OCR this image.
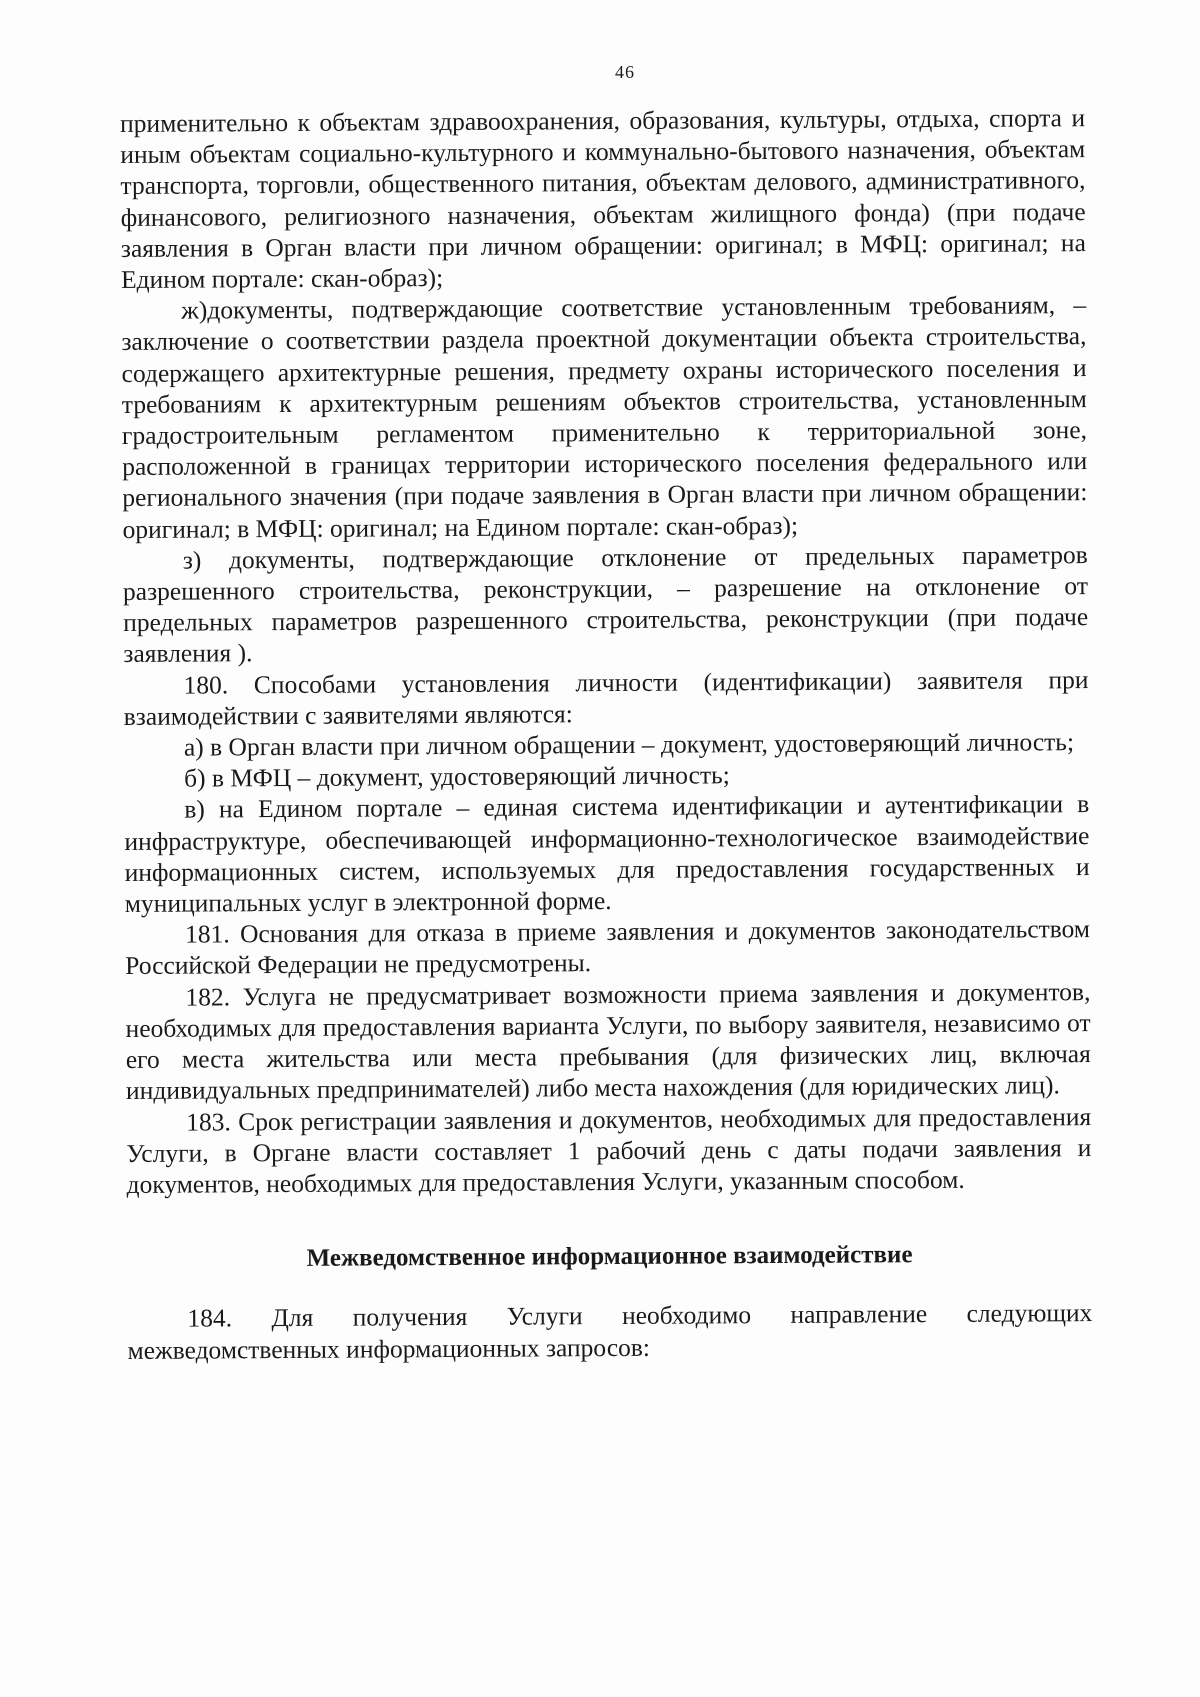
46

применительно к объектам здравоохранения, образования, культуры, отдыха, спорта и иным объектам социально-культурного и коммунально-бытового назначения, объектам транспорта, торговли, общественного питания, объектам делового, административного, финансового, религиозного назначения, объектам жилищного фонда) (при подаче заявления в Орган власти при личном обращении: оригинал; в МФЦ: оригинал; на Едином портале: скан-образ);

ж)документы, подтверждающие соответствие установленным требованиям, – заключение о соответствии раздела проектной документации объекта строительства, содержащего архитектурные решения, предмету охраны исторического поселения и требованиям к архитектурным решениям объектов строительства, установленным градостроительным регламентом применительно к территориальной зоне, расположенной в границах территории исторического поселения федерального или регионального значения (при подаче заявления в Орган власти при личном обращении: оригинал; в МФЦ: оригинал; на Едином портале: скан-образ);

з) документы, подтверждающие отклонение от предельных параметров разрешенного строительства, реконструкции, – разрешение на отклонение от предельных параметров разрешенного строительства, реконструкции (при подаче заявления ).

180. Способами установления личности (идентификации) заявителя при взаимодействии с заявителями являются:

а) в Орган власти при личном обращении – документ, удостоверяющий личность;

б) в МФЦ – документ, удостоверяющий личность;

в) на Едином портале – единая система идентификации и аутентификации в инфраструктуре, обеспечивающей информационно-технологическое взаимодействие информационных систем, используемых для предоставления государственных и муниципальных услуг в электронной форме.

181. Основания для отказа в приеме заявления и документов законодательством Российской Федерации не предусмотрены.

182. Услуга не предусматривает возможности приема заявления и документов, необходимых для предоставления варианта Услуги, по выбору заявителя, независимо от его места жительства или места пребывания (для физических лиц, включая индивидуальных предпринимателей) либо места нахождения (для юридических лиц).

183. Срок регистрации заявления и документов, необходимых для предоставления Услуги, в Органе власти составляет 1 рабочий день с даты подачи заявления и документов, необходимых для предоставления Услуги, указанным способом.

Межведомственное информационное взаимодействие

184. Для получения Услуги необходимо направление следующих межведомственных информационных запросов:
